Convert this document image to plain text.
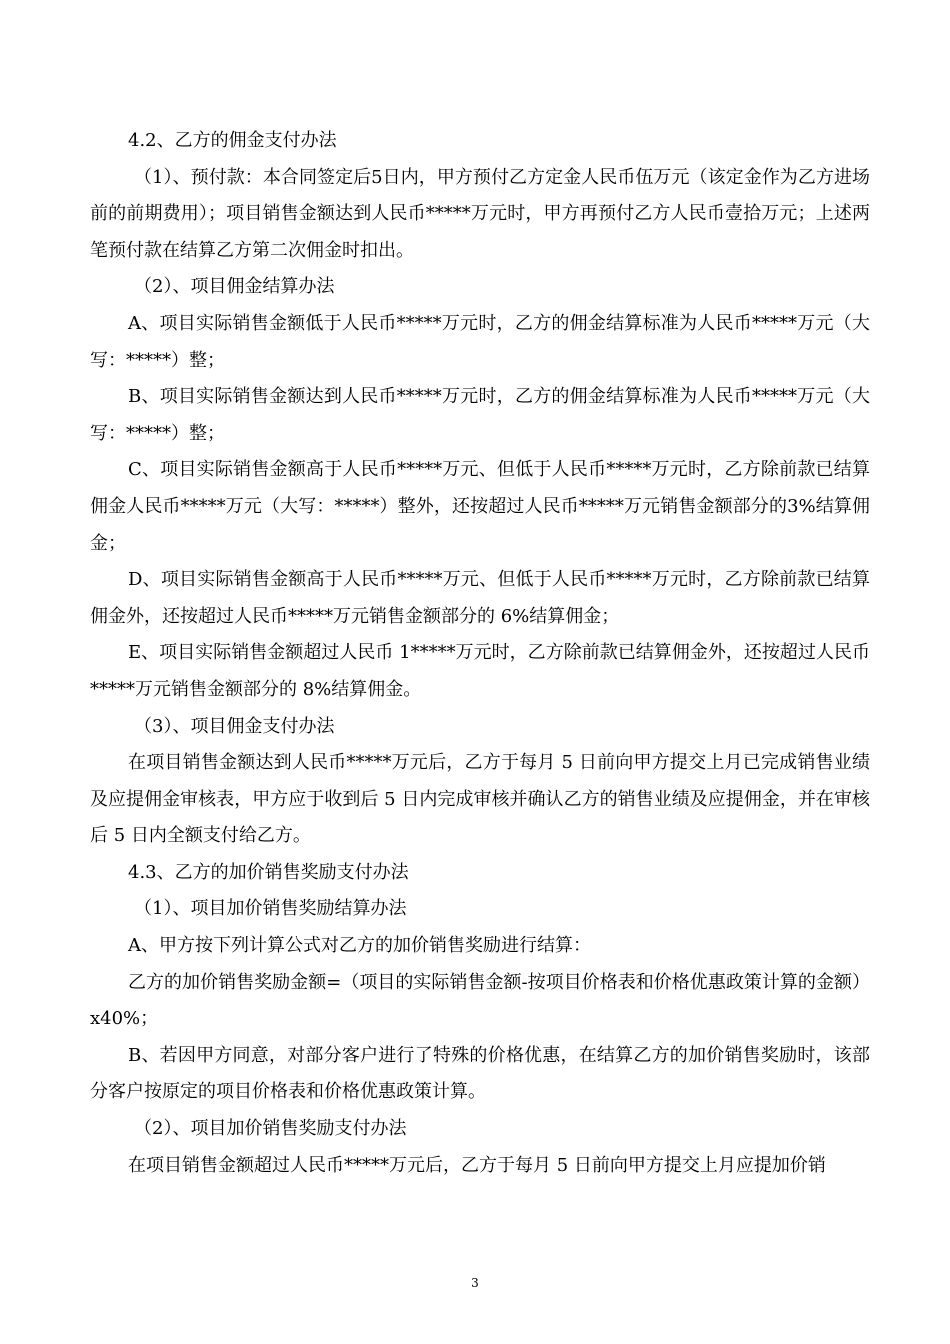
4.2、乙方的佣金支付办法

（1）、预付款：本合同签定后5日内，甲方预付乙方定金人民币伍万元（该定金作为乙方进场前的前期费用）；项目销售金额达到人民币*****万元时，甲方再预付乙方人民币壹拾万元；上述两笔预付款在结算乙方第二次佣金时扣出。

（2）、项目佣金结算办法

A、项目实际销售金额低于人民币*****万元时，乙方的佣金结算标准为人民币*****万元（大写：*****）整；

B、项目实际销售金额达到人民币*****万元时，乙方的佣金结算标准为人民币*****万元（大写：*****）整；

C、项目实际销售金额高于人民币*****万元、但低于人民币*****万元时，乙方除前款已结算佣金人民币*****万元（大写：*****）整外，还按超过人民币*****万元销售金额部分的3%结算佣金；

D、项目实际销售金额高于人民币*****万元、但低于人民币*****万元时，乙方除前款已结算佣金外，还按超过人民币*****万元销售金额部分的 6%结算佣金；

E、项目实际销售金额超过人民币 1*****万元时，乙方除前款已结算佣金外，还按超过人民币*****万元销售金额部分的 8%结算佣金。

（3）、项目佣金支付办法

在项目销售金额达到人民币*****万元后，乙方于每月 5 日前向甲方提交上月已完成销售业绩及应提佣金审核表，甲方应于收到后 5 日内完成审核并确认乙方的销售业绩及应提佣金，并在审核后 5 日内全额支付给乙方。

4.3、乙方的加价销售奖励支付办法

（1）、项目加价销售奖励结算办法

A、甲方按下列计算公式对乙方的加价销售奖励进行结算：

乙方的加价销售奖励金额=（项目的实际销售金额-按项目价格表和价格优惠政策计算的金额）x40%；

B、若因甲方同意，对部分客户进行了特殊的价格优惠，在结算乙方的加价销售奖励时，该部分客户按原定的项目价格表和价格优惠政策计算。

（2）、项目加价销售奖励支付办法

在项目销售金额超过人民币*****万元后，乙方于每月 5 日前向甲方提交上月应提加价销

3
